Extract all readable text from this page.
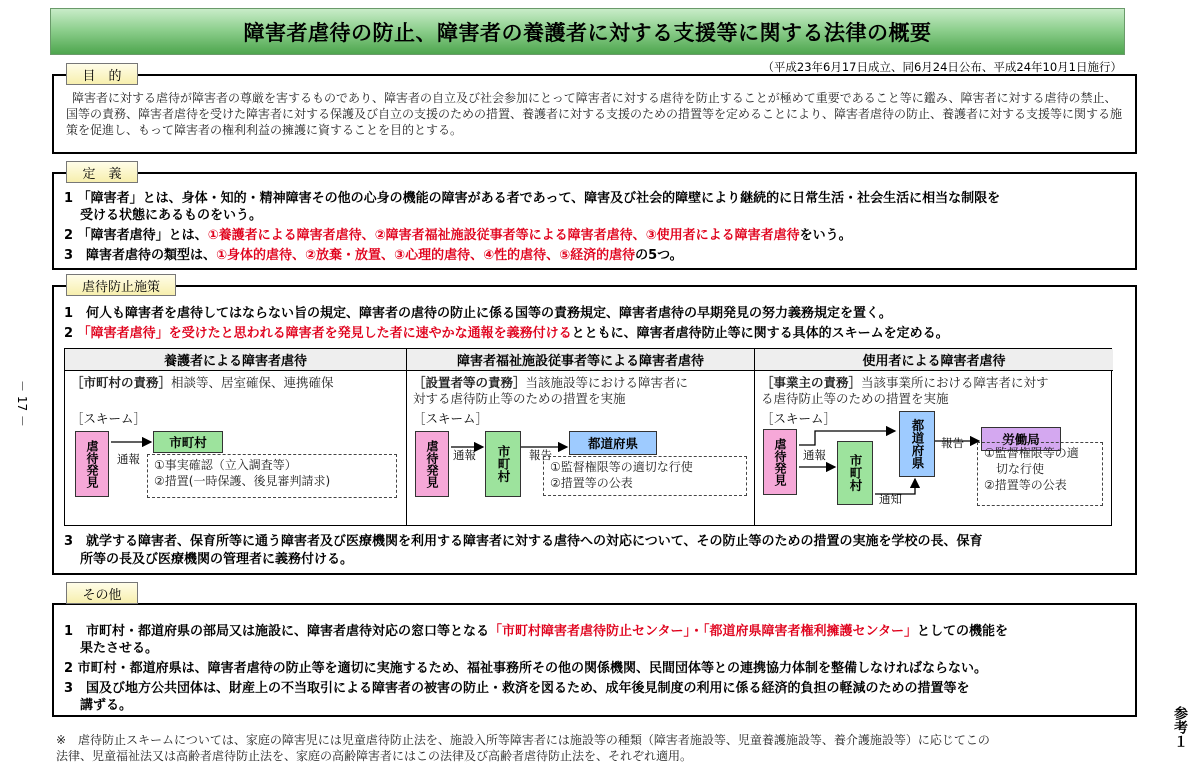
障害者虐待の防止、障害者の養護者に対する支援等に関する法律の概要
（平成23年6月17日成立、同6月24日公布、平成24年10月1日施行）
目　的
障害者に対する虐待が障害者の尊厳を害するものであり、障害者の自立及び社会参加にとって障害者に対する虐待を防止することが極めて重要であること等に鑑み、障害者に対する虐待の禁止、国等の責務、障害者虐待を受けた障害者に対する保護及び自立の支援のための措置、養護者に対する支援のための措置等を定めることにより、障害者虐待の防止、養護者に対する支援等に関する施策を促進し、もって障害者の権利利益の擁護に資することを目的とする。
定　義
1 「障害者」とは、身体・知的・精神障害その他の心身の機能の障害がある者であって、障害及び社会的障壁により継続的に日常生活・社会生活に相当な制限を
受ける状態にあるものをいう。
2 「障害者虐待」とは、①養護者による障害者虐待、②障害者福祉施設従事者等による障害者虐待、③使用者による障害者虐待をいう。
3　障害者虐待の類型は、①身体的虐待、②放棄・放置、③心理的虐待、④性的虐待、⑤経済的虐待の5つ。
虐待防止施策
1　何人も障害者を虐待してはならない旨の規定、障害者の虐待の防止に係る国等の責務規定、障害者虐待の早期発見の努力義務規定を置く。
2 「障害者虐待」を受けたと思われる障害者を発見した者に速やかな通報を義務付けるとともに、障害者虐待防止等に関する具体的スキームを定める。
3　就学する障害者、保育所等に通う障害者及び医療機関を利用する障害者に対する虐待への対応について、その防止等のための措置の実施を学校の長、保育
所等の長及び医療機関の管理者に義務付ける。
養護者による障害者虐待
［市町村の責務］相談等、居室確保、連携確保
［スキーム］
虐待発見	通報
市町村
①事実確認（立入調査等）
②措置(一時保護、後見審判請求)
障害者福祉施設従事者等による障害者虐待
［設置者等の責務］当該施設等における障害者に
対する虐待防止等のための措置を実施
［スキーム］
虐待発見	通報	市町村	報告
都道府県
①監督権限等の適切な行使
②措置等の公表
使用者による障害者虐待
［事業主の責務］当該事業所における障害者に対す
る虐待防止等のための措置を実施
［スキーム］
虐待発見	通報	市町村
通知
都道府県	報告	労働局
①監督権限等の適
切な行使
②措置等の公表
その他
1　市町村・都道府県の部局又は施設に、障害者虐待対応の窓口等となる「市町村障害者虐待防止センター」・「都道府県障害者権利擁護センター」としての機能を
果たさせる。
2 市町村・都道府県は、障害者虐待の防止等を適切に実施するため、福祉事務所その他の関係機関、民間団体等との連携協力体制を整備しなければならない。
3　国及び地方公共団体は、財産上の不当取引による障害者の被害の防止・救済を図るため、成年後見制度の利用に係る経済的負担の軽減のための措置等を
講ずる。
※　虐待防止スキームについては、家庭の障害児には児童虐待防止法を、施設入所等障害者には施設等の種類（障害者施設等、児童養護施設等、養介護施設等）に応じてこの
法律、児童福祉法又は高齢者虐待防止法を、家庭の高齢障害者にはこの法律及び高齢者虐待防止法を、それぞれ適用。
－ 17 －
参考１
